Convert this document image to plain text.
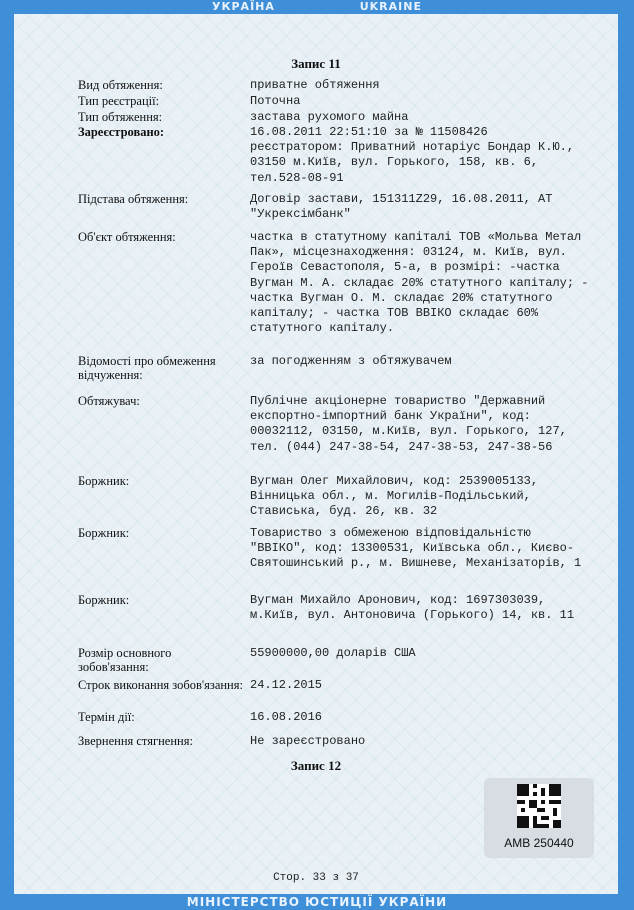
УКРАЇНА	UKRAINE
Запис 11
Вид обтяження:	приватне обтяження
Тип реєстрації:	Поточна
Тип обтяження:	застава рухомого майна
Зареєстровано:	16.08.2011 22:51:10 за № 11508426
реєстратором: Приватний нотаріус Бондар К.Ю., 03150 м.Київ, вул. Горького, 158, кв. 6, тел.528-08-91
Підстава обтяження:	Договір застави, 151311Z29, 16.08.2011, АТ "Укрексімбанк"
Об'єкт обтяження:	частка в статутному капіталі ТОВ «Мольва Метал Пак», місцезнаходження: 03124, м. Київ, вул. Героїв Севастополя, 5-а, в розмірі: -частка Вугман М. А. складає 20% статутного капіталу; - частка Вугман О. М. складає 20% статутного капіталу; - частка ТОВ ВВІКО складає 60% статутного капіталу.
Відомості про обмеження відчуження:
за погодженням з обтяжувачем
Обтяжувач:	Публічне акціонерне товариство "Державний експортно-імпортний банк України", код: 00032112, 03150, м.Київ, вул. Горького, 127, тел. (044) 247-38-54, 247-38-53, 247-38-56
Боржник:	Вугман Олег Михайлович, код: 2539005133, Вінницька обл., м. Могилів-Подільський, Стависька, буд. 26, кв. 32
Боржник:	Товариство з обмеженою відповідальністю "ВВІКО", код: 13300531, Київська обл., Києво-Святошинський р., м. Вишневе, Механізаторів, 1
Боржник:	Вугман Михайло Аронович, код: 1697303039, м.Київ, вул. Антоновича (Горького) 14, кв. 11
Розмір основного зобов'язання:
55900000,00 доларів США
Строк виконання зобов'язання: 24.12.2015
Термін дії:	16.08.2016
Звернення стягнення:	Не зареєстровано
Запис 12
АМВ 250440
Стор. 33 з 37
МІНІСТЕРСТВО ЮСТИЦІЇ УКРАЇНИ
